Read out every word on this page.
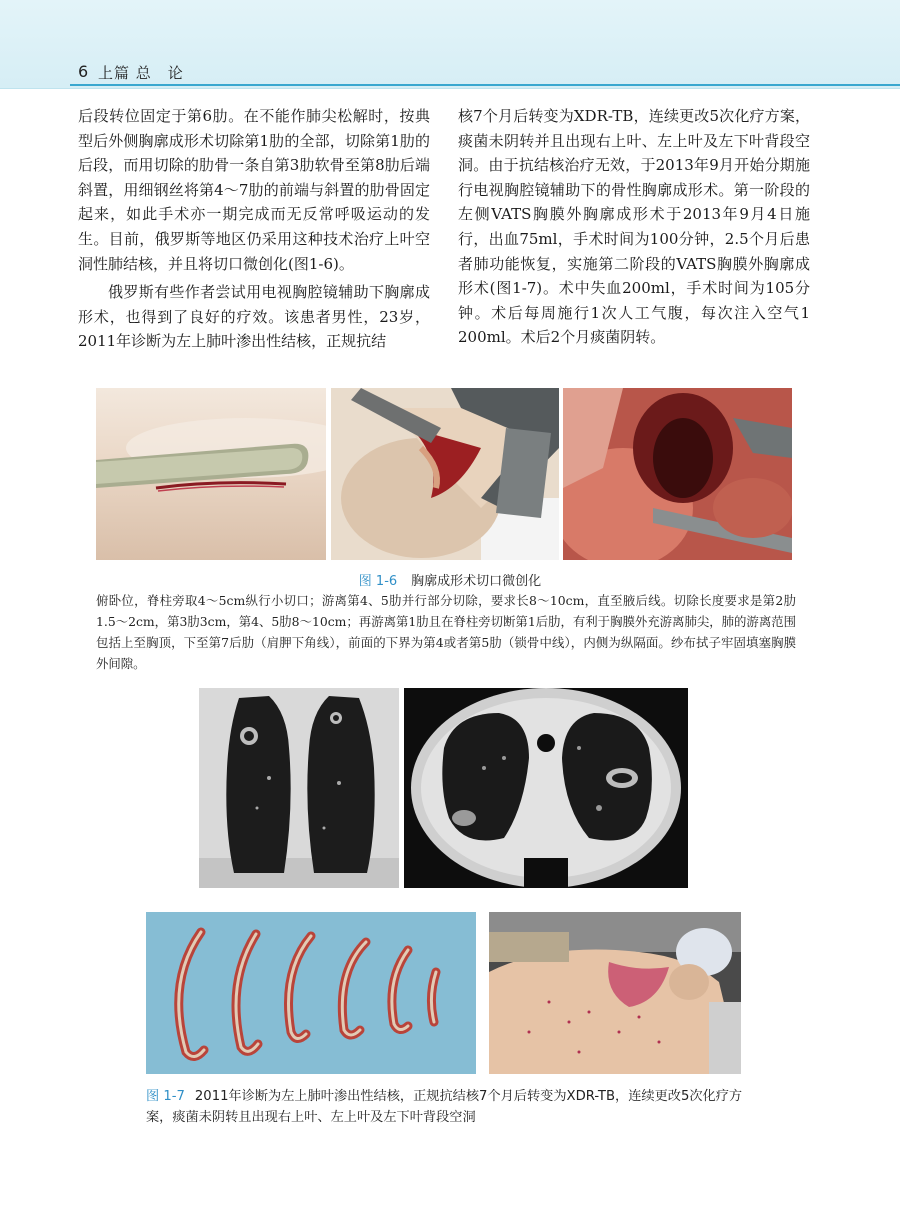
6 上篇 总　论

后段转位固定于第6肋。在不能作肺尖松解时，按典型后外侧胸廓成形术切除第1肋的全部，切除第1肋的后段，而用切除的肋骨一条自第3肋软骨至第8肋后端斜置，用细钢丝将第4～7肋的前端与斜置的肋骨固定起来，如此手术亦一期完成而无反常呼吸运动的发生。目前，俄罗斯等地区仍采用这种技术治疗上叶空洞性肺结核，并且将切口微创化(图1-6)。

俄罗斯有些作者尝试用电视胸腔镜辅助下胸廓成形术，也得到了良好的疗效。该患者男性，23岁，2011年诊断为左上肺叶渗出性结核，正规抗结

核7个月后转变为XDR-TB，连续更改5次化疗方案，痰菌未阴转并且出现右上叶、左上叶及左下叶背段空洞。由于抗结核治疗无效，于2013年9月开始分期施行电视胸腔镜辅助下的骨性胸廓成形术。第一阶段的左侧VATS胸膜外胸廓成形术于2013年9月4日施行，出血75ml，手术时间为100分钟，2.5个月后患者肺功能恢复，实施第二阶段的VATS胸膜外胸廓成形术(图1-7)。术中失血200ml，手术时间为105分钟。术后每周施行1次人工气腹，每次注入空气1 200ml。术后2个月痰菌阴转。

图 1-6 胸廓成形术切口微创化
俯卧位，脊柱旁取4～5cm纵行小切口；游离第4、5肋并行部分切除，要求长8～10cm，直至腋后线。切除长度要求是第2肋1.5～2cm，第3肋3cm，第4、5肋8～10cm；再游离第1肋且在脊柱旁切断第1后肋，有利于胸膜外充游离肺尖，肺的游离范围包括上至胸顶，下至第7后肋（肩胛下角线），前面的下界为第4或者第5肋（锁骨中线），内侧为纵隔面。纱布拭子牢固填塞胸膜外间隙。
图 1-7 2011年诊断为左上肺叶渗出性结核，正规抗结核7个月后转变为XDR-TB，连续更改5次化疗方案，痰菌未阴转且出现右上叶、左上叶及左下叶背段空洞
